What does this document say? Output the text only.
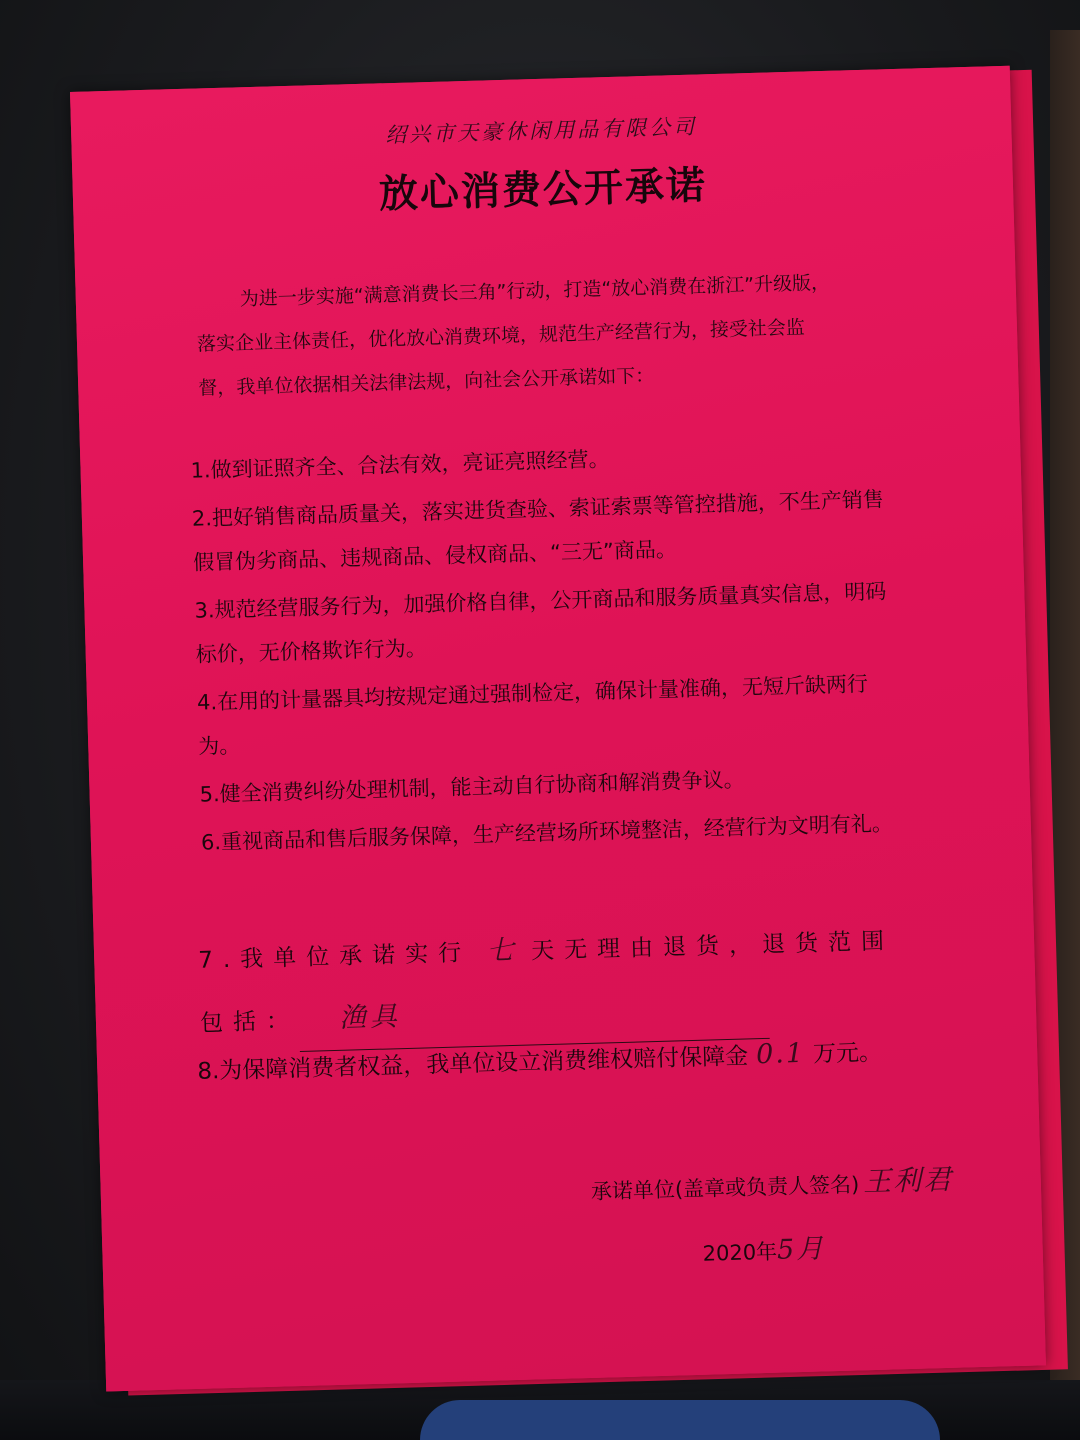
绍兴市天豪休闲用品有限公司
放心消费公开承诺
为进一步实施“满意消费长三角”行动，打造“放心消费在浙江”升级版，落实企业主体责任，优化放心消费环境，规范生产经营行为，接受社会监督，我单位依据相关法律法规，向社会公开承诺如下：
1.做到证照齐全、合法有效，亮证亮照经营。
2.把好销售商品质量关，落实进货查验、索证索票等管控措施，不生产销售假冒伪劣商品、违规商品、侵权商品、“三无”商品。
3.规范经营服务行为，加强价格自律，公开商品和服务质量真实信息，明码标价，无价格欺诈行为。
4.在用的计量器具均按规定通过强制检定，确保计量准确，无短斤缺两行为。
5.健全消费纠纷处理机制，能主动自行协商和解消费争议。
6.重视商品和售后服务保障，生产经营场所环境整洁，经营行为文明有礼。
7.我单位承诺实行 七 天无理由退货，退货范围包括： 渔具
8.为保障消费者权益，我单位设立消费维权赔付保障金 0.1 万元。
承诺单位(盖章或负责人签名) 王利君
2020年5月
